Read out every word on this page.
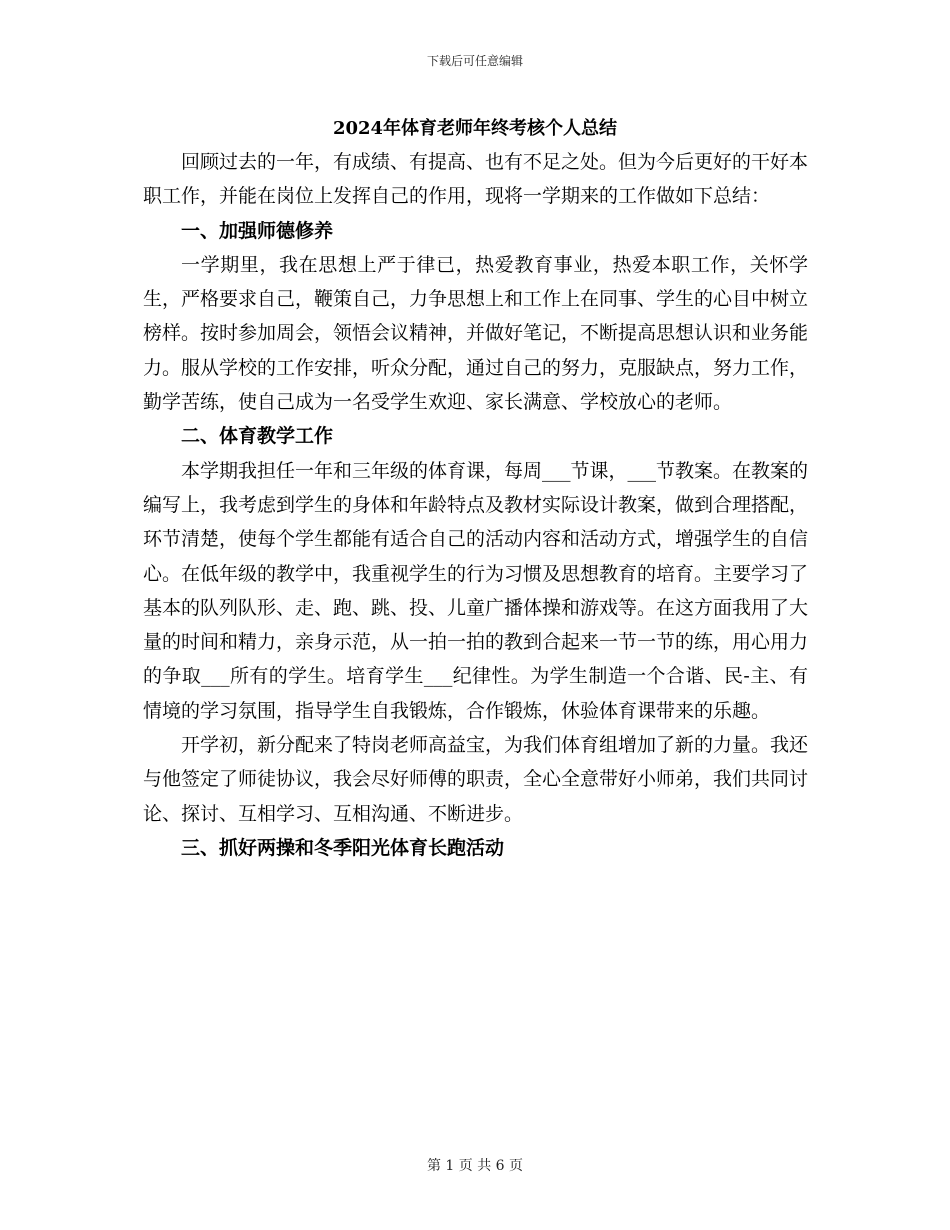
下载后可任意编辑
2024年体育老师年终考核个人总结

回顾过去的一年，有成绩、有提高、也有不足之处。但为今后更好的干好本职工作，并能在岗位上发挥自己的作用，现将一学期来的工作做如下总结：

一、加强师德修养

一学期里，我在思想上严于律已，热爱教育事业，热爱本职工作，关怀学生，严格要求自己，鞭策自己，力争思想上和工作上在同事、学生的心目中树立榜样。按时参加周会，领悟会议精神，并做好笔记，不断提高思想认识和业务能力。服从学校的工作安排，听众分配，通过自己的努力，克服缺点，努力工作，勤学苦练，使自己成为一名受学生欢迎、家长满意、学校放心的老师。

二、体育教学工作

本学期我担任一年和三年级的体育课，每周___节课，___节教案。在教案的编写上，我考虑到学生的身体和年龄特点及教材实际设计教案，做到合理搭配，环节清楚，使每个学生都能有适合自己的活动内容和活动方式，增强学生的自信心。在低年级的教学中，我重视学生的行为习惯及思想教育的培育。主要学习了基本的队列队形、走、跑、跳、投、儿童广播体操和游戏等。在这方面我用了大量的时间和精力，亲身示范，从一拍一拍的教到合起来一节一节的练，用心用力的争取___所有的学生。培育学生___纪律性。为学生制造一个合谐、民-主、有情境的学习氛围，指导学生自我锻炼，合作锻炼，休验体育课带来的乐趣。

开学初，新分配来了特岗老师高益宝，为我们体育组增加了新的力量。我还与他签定了师徒协议，我会尽好师傅的职责，全心全意带好小师弟，我们共同讨论、探讨、互相学习、互相沟通、不断进步。

三、抓好两操和冬季阳光体育长跑活动

第 1 页 共 6 页
